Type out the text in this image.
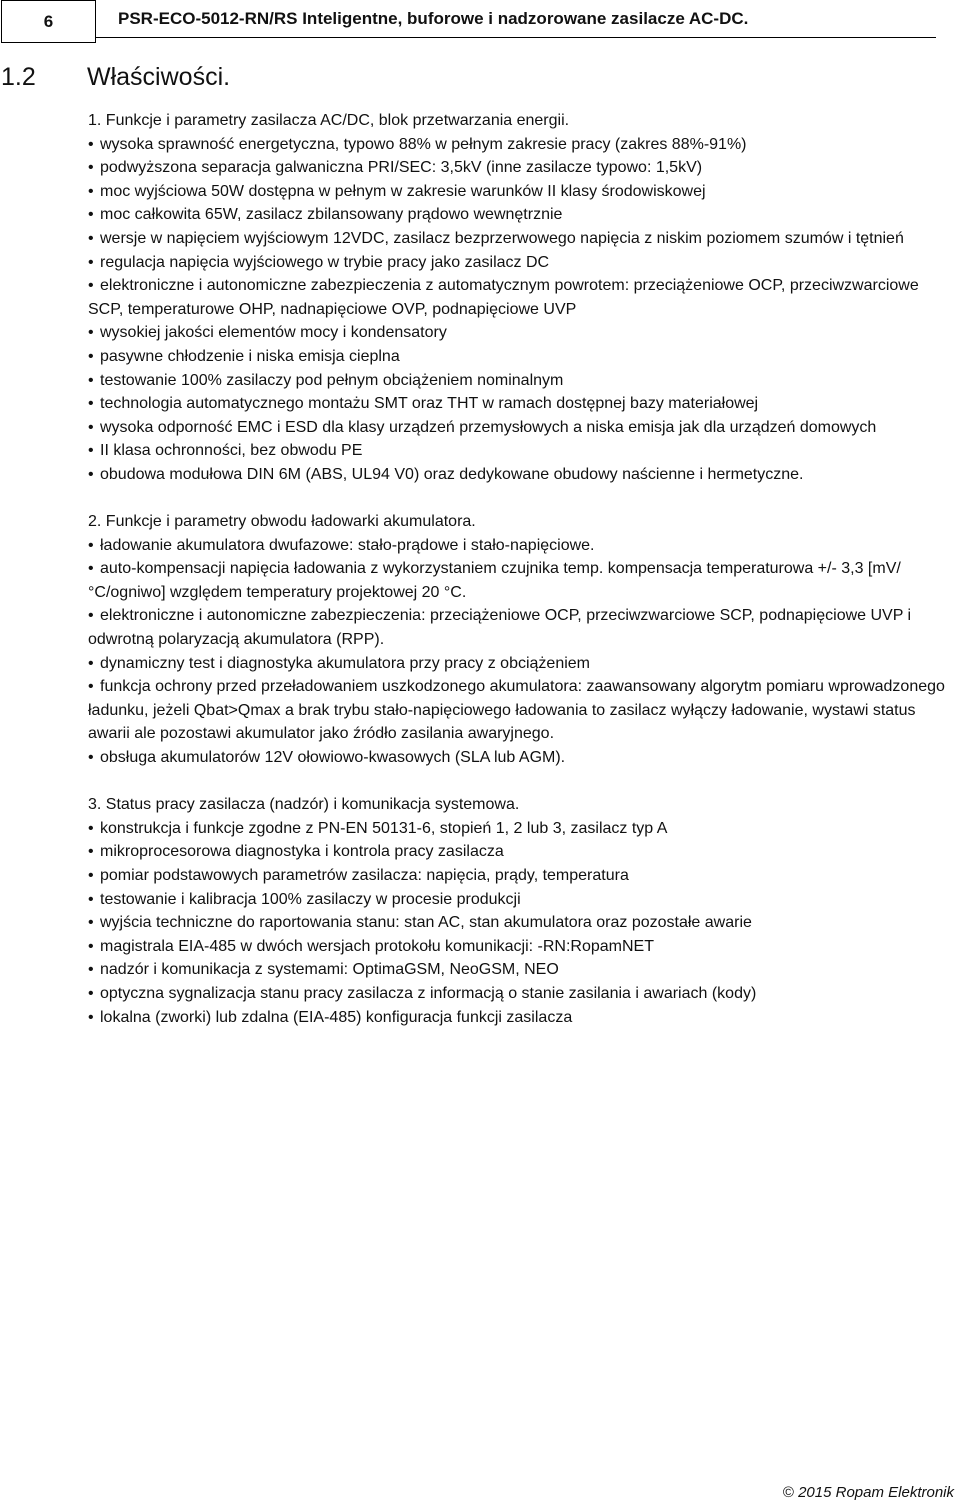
6	PSR-ECO-5012-RN/RS Inteligentne, buforowe i nadzorowane zasilacze AC-DC.
1.2 Właściwości.

1. Funkcje i parametry zasilacza AC/DC, blok przetwarzania energii.

•
wysoka sprawność energetyczna, typowo 88% w pełnym zakresie pracy (zakres 88%-91%)
•
podwyższona separacja galwaniczna PRI/SEC: 3,5kV (inne zasilacze typowo: 1,5kV)
•
moc wyjściowa 50W dostępna w pełnym w zakresie warunków II klasy środowiskowej
•
moc całkowita 65W, zasilacz zbilansowany prądowo wewnętrznie
•wersje w napięciem wyjściowym 12VDC, zasilacz bezprzerwowego napięcia z niskim poziomem szumów i tętnień
•
regulacja napięcia wyjściowego w trybie pracy jako zasilacz DC
•elektroniczne i autonomiczne zabezpieczenia z automatycznym powrotem: przeciążeniowe OCP, przeciwzwarciowe SCP, temperaturowe OHP, nadnapięciowe OVP, podnapięciowe UVP
•
wysokiej jakości elementów mocy i kondensatory
•
pasywne chłodzenie i niska emisja cieplna
•
testowanie 100% zasilaczy pod pełnym obciążeniem nominalnym
•
technologia automatycznego montażu SMT oraz THT w ramach dostępnej bazy materiałowej
•wysoka odporność EMC i ESD dla klasy urządzeń przemysłowych a niska emisja jak dla urządzeń domowych
•
II klasa ochronności, bez obwodu PE
•
obudowa modułowa DIN 6M (ABS, UL94 V0) oraz dedykowane obudowy naścienne i hermetyczne.

2. Funkcje i parametry obwodu ładowarki akumulatora.

•
ładowanie akumulatora dwufazowe: stało-prądowe i stało-napięciowe.
•auto-kompensacji napięcia ładowania z wykorzystaniem czujnika temp. kompensacja temperaturowa +/- 3,3 [mV/ °C/ogniwo] względem temperatury projektowej 20 °C.
•elektroniczne i autonomiczne zabezpieczenia: przeciążeniowe OCP, przeciwzwarciowe SCP, podnapięciowe UVP i odwrotną polaryzacją akumulatora (RPP).
•
dynamiczny test i diagnostyka akumulatora przy pracy z obciążeniem
•funkcja ochrony przed przeładowaniem uszkodzonego akumulatora: zaawansowany algorytm pomiaru wprowadzonego ładunku, jeżeli Qbat>Qmax a brak trybu stało-napięciowego ładowania to zasilacz wyłączy ładowanie, wystawi status awarii ale pozostawi akumulator jako źródło zasilania awaryjnego.
•
obsługa akumulatorów 12V ołowiowo-kwasowych (SLA lub AGM).

3. Status pracy zasilacza (nadzór) i komunikacja systemowa.

•
konstrukcja i funkcje zgodne z PN-EN 50131-6, stopień 1, 2 lub 3, zasilacz typ A
•
mikroprocesorowa diagnostyka i kontrola pracy zasilacza
•
pomiar podstawowych parametrów zasilacza: napięcia, prądy, temperatura
•
testowanie i kalibracja 100% zasilaczy w procesie produkcji
•
wyjścia techniczne do raportowania stanu: stan AC, stan akumulatora oraz pozostałe awarie
•
magistrala EIA-485 w dwóch wersjach protokołu komunikacji: -RN:RopamNET
•
nadzór i komunikacja z systemami: OptimaGSM, NeoGSM, NEO
•
optyczna sygnalizacja stanu pracy zasilacza z informacją o stanie zasilania i awariach (kody)
•
lokalna (zworki) lub zdalna (EIA-485) konfiguracja funkcji zasilacza
© 2015 Ropam Elektronik
